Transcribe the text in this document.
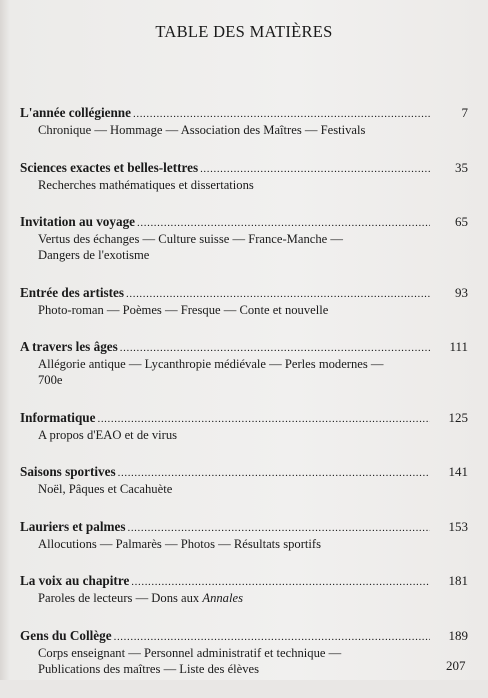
TABLE DES MATIÈRES
L'année collégienne .....	7
Chronique — Hommage — Association des Maîtres — Festivals
Sciences exactes et belles-lettres .....	35
Recherches mathématiques et dissertations
Invitation au voyage .....	65
Vertus des échanges — Culture suisse — France-Manche —
Dangers de l'exotisme
Entrée des artistes .....	93
Photo-roman — Poèmes — Fresque — Conte et nouvelle
A travers les âges .....	111
Allégorie antique — Lycanthropie médiévale — Perles modernes —
700e
Informatique .....	125
A propos d'EAO et de virus
Saisons sportives .....	141
Noël, Pâques et Cacahuète
Lauriers et palmes .....	153
Allocutions — Palmarès — Photos — Résultats sportifs
La voix au chapitre .....	181
Paroles de lecteurs — Dons aux Annales
Gens du Collège .....	189
Corps enseignant — Personnel administratif et technique —
Publications des maîtres — Liste des élèves	207
